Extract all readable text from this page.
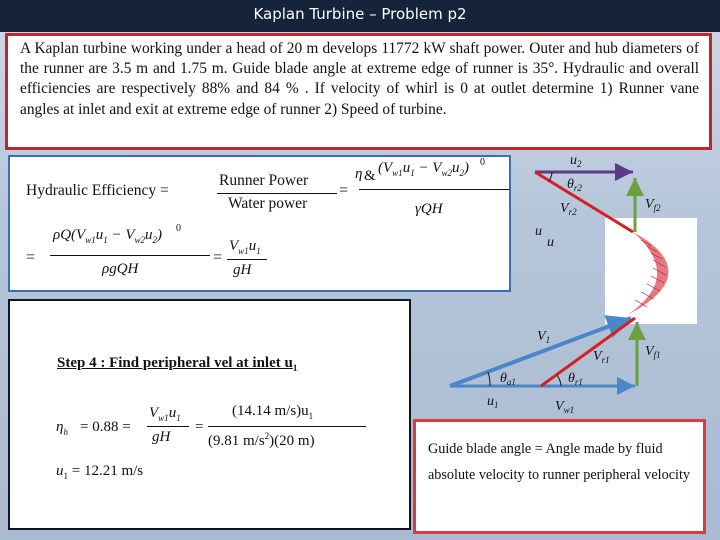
Kaplan Turbine – Problem p2

A Kaplan turbine working under a head of 20 m develops 11772 kW shaft power. Outer and hub diameters of the runner are 3.5 m and 1.75 m. Guide blade angle at extreme edge of runner is 35°. Hydraulic and overall efficiencies are respectively 88% and 84 % . If velocity of whirl is 0 at outlet determine 1) Runner vane angles at inlet and exit at extreme edge of runner 2) Speed of turbine.

Hydraulic Efficiency =
Runner Power
Water power
=
η & $(V_{w1}u_1 - V_{w2}u_2)$ 0
γQH
=
$\rho Q(V_{w1}u_1 - V_{w2}u_2)$ 0
ρgQH
=
$V_{w1}u_1$
gH
Step 4 : Find peripheral vel at inlet $u_1$
$\eta_h = 0.88$ =
$V_{w1}u_1$
gH
=
(14.14 $m/s)u_1$
(9.81 $m/s^2)(20$ m)
$u_1 = 12.21$ m/s
$u_2$
$\theta_{r2}$
$V_{f2}$
$V_{r2}$
u
u
$V_1$
$V_{f1}$
$V_{r1}$
$\theta_{a1}$	$\theta_{r1}$
$u_1$	$V_{w1}$

Guide blade angle = Angle made by fluid absolute velocity to runner peripheral velocity
